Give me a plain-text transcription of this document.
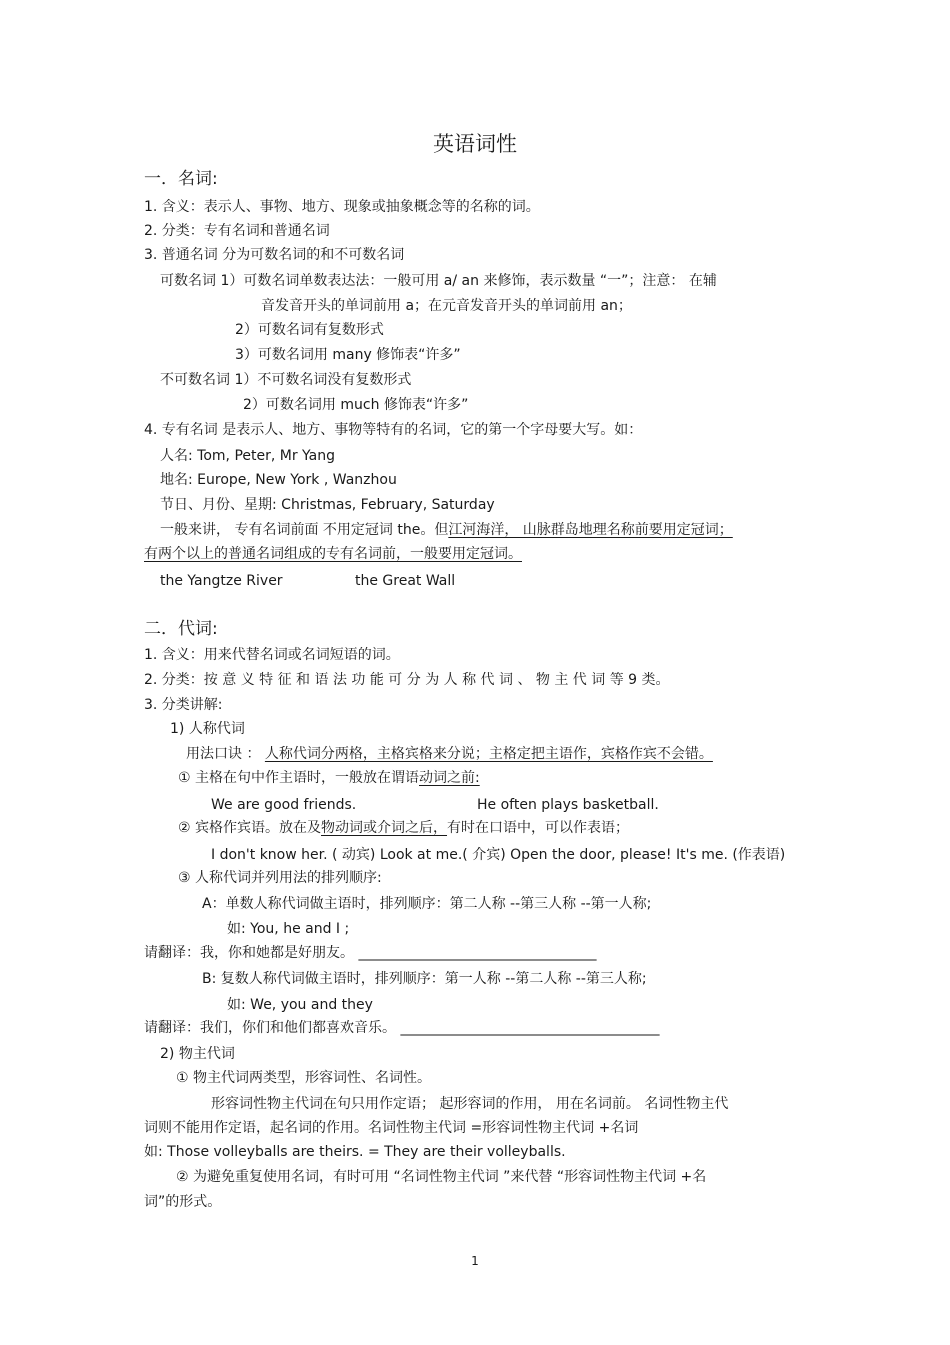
英语词性
一．名词:
1. 含义：表示人、事物、地方、现象或抽象概念等的名称的词。
2. 分类：专有名词和普通名词
3. 普通名词 分为可数名词的和不可数名词
可数名词 1）可数名词单数表达法：一般可用 a/ an 来修饰，表示数量 “一”；注意： 在辅
音发音开头的单词前用 a；在元音发音开头的单词前用 an；
2）可数名词有复数形式
3）可数名词用 many 修饰表“许多”
不可数名词 1）不可数名词没有复数形式
2）可数名词用 much 修饰表“许多”
4. 专有名词 是表示人、地方、事物等特有的名词，它的第一个字母要大写。如：
人名: Tom, Peter, Mr Yang
地名: Europe, New York , Wanzhou
节日、月份、星期: Christmas, February, Saturday
一般来讲， 专有名词前面 不用定冠词 the。但江河海洋， 山脉群岛地理名称前要用定冠词；
有两个以上的普通名词组成的专有名词前，一般要用定冠词。
the Yangtze River	the Great Wall
二．代词:
1. 含义：用来代替名词或名词短语的词。
2. 分类：按 意 义 特 征 和 语 法 功 能 可 分 为 人 称 代 词 、 物 主 代 词 等 9 类。
3. 分类讲解:
1) 人称代词
用法口诀 ： 人称代词分两格，主格宾格来分说；主格定把主语作，宾格作宾不会错。
① 主格在句中作主语时，一般放在谓语动词之前:
We are good friends.	He often plays basketball.
② 宾格作宾语。放在及物动词或介词之后，有时在口语中，可以作表语；
I don't know her. ( 动宾) Look at me.( 介宾) Open the door, please! It's me. (作表语)
③ 人称代词并列用法的排列顺序:
A：单数人称代词做主语时，排列顺序：第二人称 --第三人称 --第一人称;
如: You, he and I ;
请翻译：我，你和她都是好朋友。 __________________________________
B: 复数人称代词做主语时，排列顺序：第一人称 --第二人称 --第三人称;
如: We, you and they
请翻译：我们，你们和他们都喜欢音乐。 _____________________________________
2) 物主代词
① 物主代词两类型，形容词性、名词性。
形容词性物主代词在句只用作定语； 起形容词的作用， 用在名词前。 名词性物主代
词则不能用作定语，起名词的作用。名词性物主代词 =形容词性物主代词 +名词
如: Those volleyballs are theirs. = They are their volleyballs.
② 为避免重复使用名词，有时可用 “名词性物主代词 ”来代替 “形容词性物主代词 +名
词”的形式。
1
